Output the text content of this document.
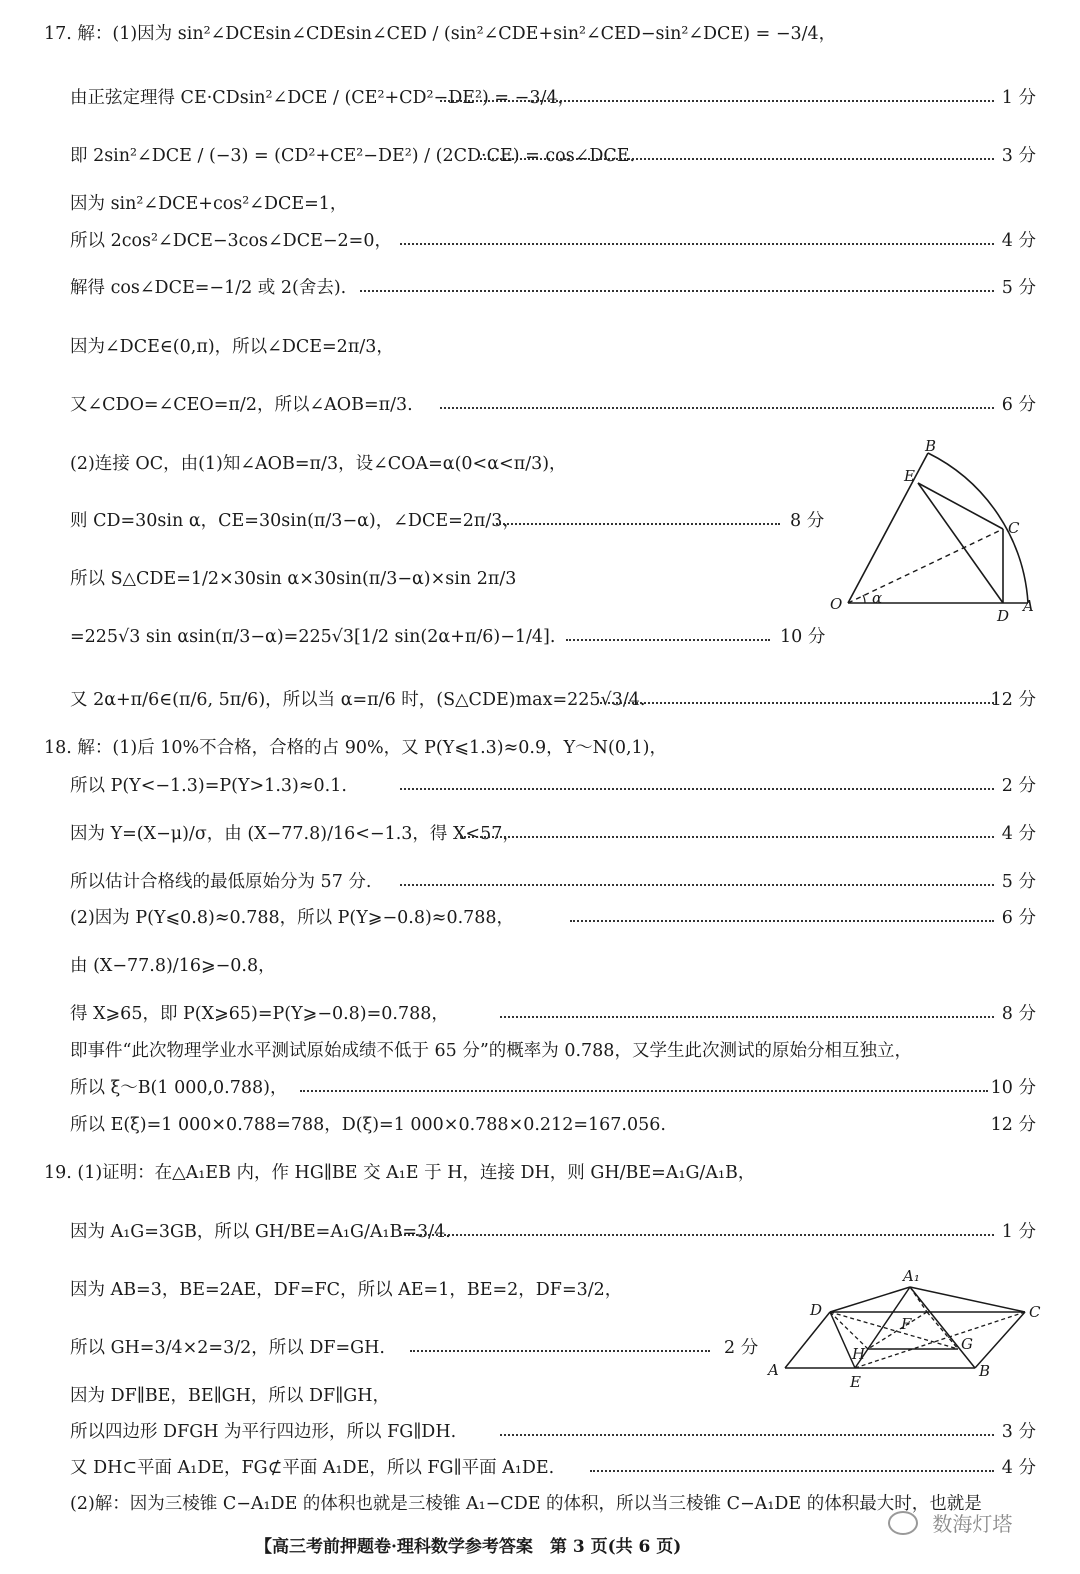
17. 解：(1)因为 sin²∠DCEsin∠CDEsin∠CED / (sin²∠CDE+sin²∠CED−sin²∠DCE) = −3/4，
由正弦定理得 CE·CDsin²∠DCE / (CE²+CD²−DE²) = −3/4，	1 分
即 2sin²∠DCE / (−3) = (CD²+CE²−DE²) / (2CD·CE) = cos∠DCE.	3 分
因为 sin²∠DCE+cos²∠DCE=1，
所以 2cos²∠DCE−3cos∠DCE−2=0，	4 分
解得 cos∠DCE=−1/2 或 2(舍去).	5 分
因为∠DCE∈(0,π)，所以∠DCE=2π/3，
又∠CDO=∠CEO=π/2，所以∠AOB=π/3.	6 分
(2)连接 OC，由(1)知∠AOB=π/3，设∠COA=α(0<α<π/3)，
则 CD=30sin α，CE=30sin(π/3−α)，∠DCE=2π/3，	8 分
所以 S△CDE=1/2×30sin α×30sin(π/3−α)×sin 2π/3
=225√3 sin αsin(π/3−α)=225√3[1/2 sin(2α+π/6)−1/4].	10 分
又 2α+π/6∈(π/6, 5π/6)，所以当 α=π/6 时，(S△CDE)max=225√3/4.	12 分
18. 解：(1)后 10%不合格，合格的占 90%，又 P(Y⩽1.3)≈0.9，Y～N(0,1)，
所以 P(Y<−1.3)=P(Y>1.3)≈0.1.	2 分
因为 Y=(X−μ)/σ，由 (X−77.8)/16<−1.3，得 X<57，	4 分
所以估计合格线的最低原始分为 57 分.	5 分
(2)因为 P(Y⩽0.8)≈0.788，所以 P(Y⩾−0.8)≈0.788，	6 分
由 (X−77.8)/16⩾−0.8，
得 X⩾65，即 P(X⩾65)=P(Y⩾−0.8)=0.788，	8 分
即事件“此次物理学业水平测试原始成绩不低于 65 分”的概率为 0.788，又学生此次测试的原始分相互独立，
所以 ξ～B(1 000,0.788)，	10 分
所以 E(ξ)=1 000×0.788=788，D(ξ)=1 000×0.788×0.212=167.056.	12 分
19. (1)证明：在△A₁EB 内，作 HG∥BE 交 A₁E 于 H，连接 DH，则 GH/BE=A₁G/A₁B，
因为 A₁G=3GB，所以 GH/BE=A₁G/A₁B=3/4.	1 分
因为 AB=3，BE=2AE，DF=FC，所以 AE=1，BE=2，DF=3/2，
所以 GH=3/4×2=3/2，所以 DF=GH.	2 分
因为 DF∥BE，BE∥GH，所以 DF∥GH，
所以四边形 DFGH 为平行四边形，所以 FG∥DH.	3 分
又 DH⊂平面 A₁DE，FG⊄平面 A₁DE，所以 FG∥平面 A₁DE.	4 分
(2)解：因为三棱锥 C−A₁DE 的体积也就是三棱锥 A₁−CDE 的体积，所以当三棱锥 C−A₁DE 的体积最大时，也就是
B
E
C
O α
D
A
A₁
D	C
F
H
G
A
E
B
【高三考前押题卷·理科数学参考答案　第 3 页(共 6 页)
数海灯塔
